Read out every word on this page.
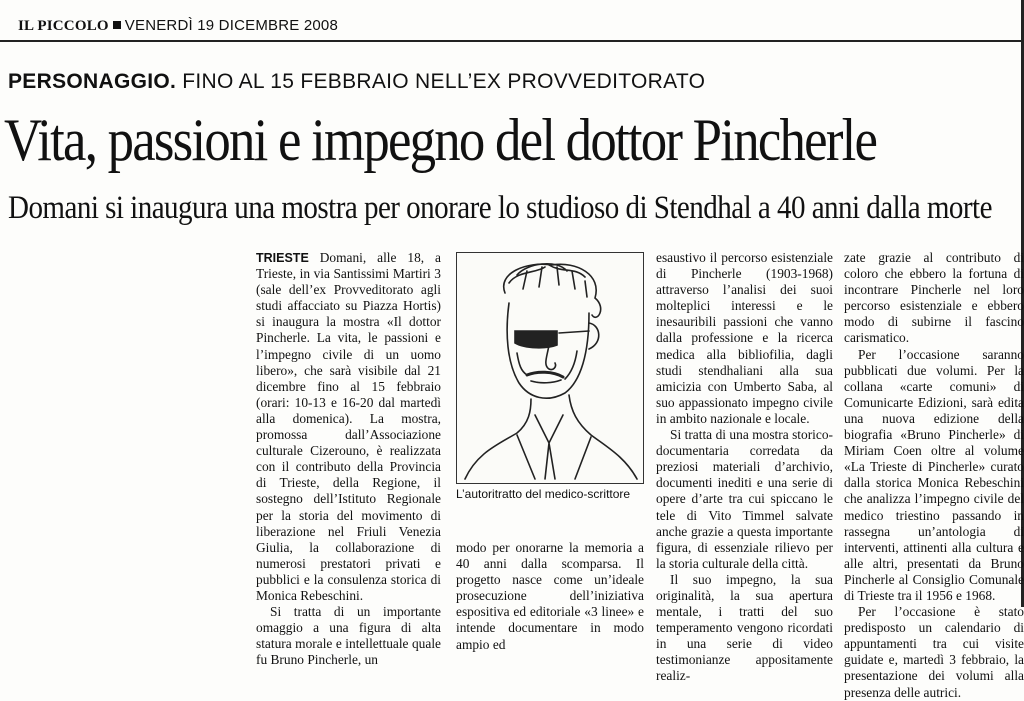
IL PICCOLO VENERDÌ 19 DICEMBRE 2008
PERSONAGGIO. FINO AL 15 FEBBRAIO NELL’EX PROVVEDITORATO
Vita, passioni e impegno del dottor Pincherle
Domani si inaugura una mostra per onorare lo studioso di Stendhal a 40 anni dalla morte

TRIESTE Domani, alle 18, a Trieste, in via Santissimi Martiri 3 (sale dell’ex Provveditorato agli studi affacciato su Piazza Hortis) si inaugura la mostra «Il dottor Pincherle. La vita, le passioni e l’impegno civile di un uomo libero», che sarà visibile dal 21 dicembre fino al 15 febbraio (orari: 10-13 e 16-20 dal martedì alla domenica). La mostra, promossa dall’Associazione culturale Cizerouno, è realizzata con il contributo della Provincia di Trieste, della Regione, il sostegno dell’Istituto Regionale per la storia del movimento di liberazione nel Friuli Venezia Giulia, la collaborazione di numerosi prestatori privati e pubblici e la consulenza storica di Monica Rebeschini.

Si tratta di un importante omaggio a una figura di alta statura morale e intellettuale quale fu Bruno Pincherle, un

L’autoritratto del medico-scrittore

modo per onorarne la memoria a 40 anni dalla scomparsa. Il progetto nasce come un’ideale prosecuzione dell’iniziativa espositiva ed editoriale «3 linee» e intende documentare in modo ampio ed

esaustivo il percorso esistenziale di Pincherle (1903-1968) attraverso l’analisi dei suoi molteplici interessi e le inesauribili passioni che vanno dalla professione e la ricerca medica alla bibliofilia, dagli studi stendhaliani alla sua amicizia con Umberto Saba, al suo appassionato impegno civile in ambito nazionale e locale.

Si tratta di una mostra storico-documentaria corredata da preziosi materiali d’archivio, documenti inediti e una serie di opere d’arte tra cui spiccano le tele di Vito Timmel salvate anche grazie a questa importante figura, di essenziale rilievo per la storia culturale della città.

Il suo impegno, la sua originalità, la sua apertura mentale, i tratti del suo temperamento vengono ricordati in una serie di video testimonianze appositamente realiz-

zate grazie al contributo di coloro che ebbero la fortuna di incontrare Pincherle nel loro percorso esistenziale e ebbero modo di subirne il fascino carismatico.

Per l’occasione saranno pubblicati due volumi. Per la collana «carte comuni» di Comunicarte Edizioni, sarà edita una nuova edizione della biografia «Bruno Pincherle» di Miriam Coen oltre al volume «La Trieste di Pincherle» curato dalla storica Monica Rebeschini che analizza l’impegno civile del medico triestino passando in rassegna un’antologia di interventi, attinenti alla cultura e alle altri, presentati da Bruno Pincherle al Consiglio Comunale di Trieste tra il 1956 e 1968.

Per l’occasione è stato predisposto un calendario di appuntamenti tra cui visite guidate e, martedì 3 febbraio, la presentazione dei volumi alla presenza delle autrici.
